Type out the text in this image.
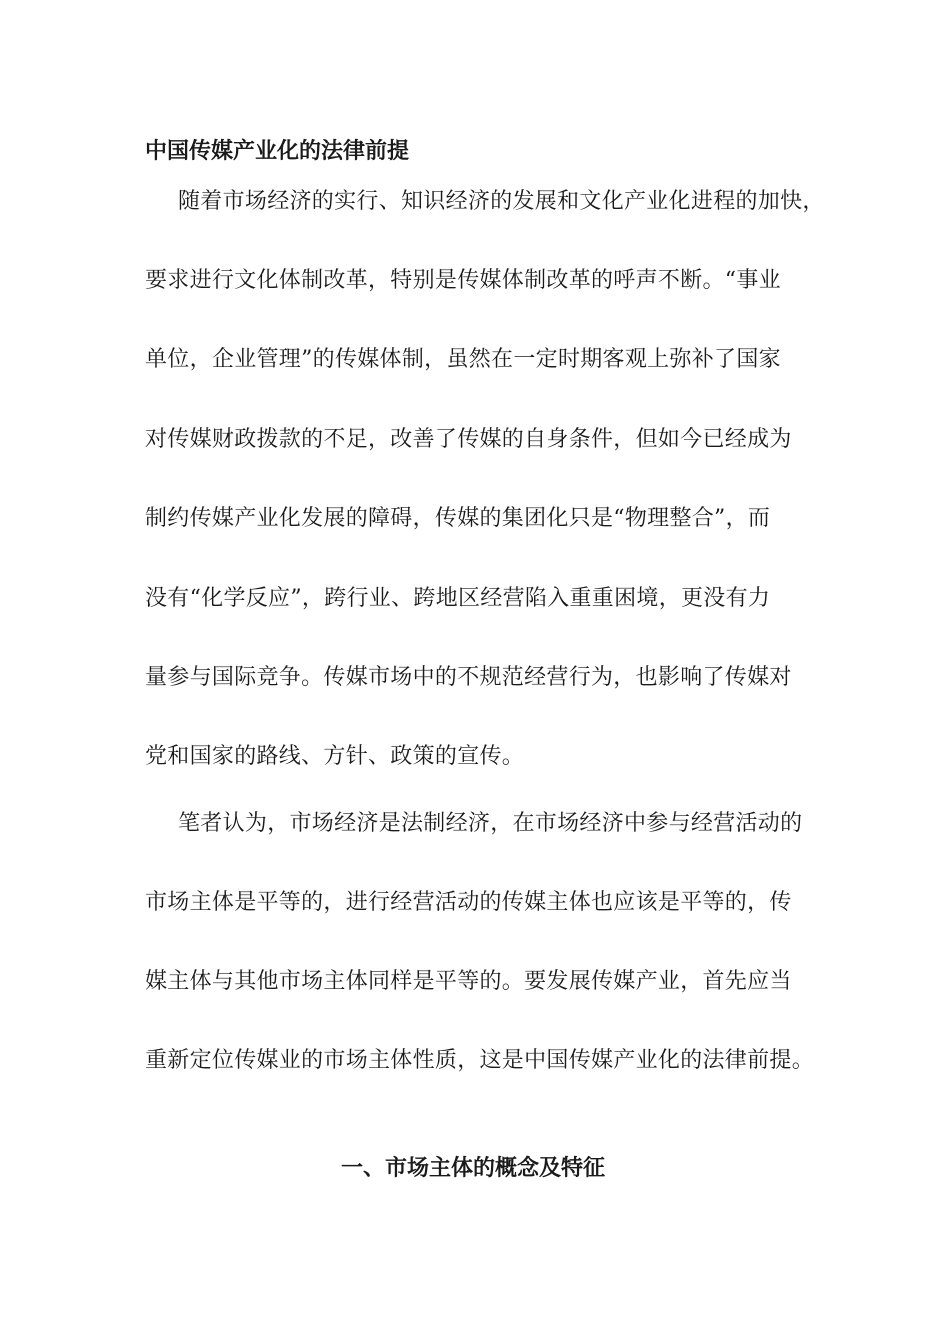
中国传媒产业化的法律前提
随着市场经济的实行、知识经济的发展和文化产业化进程的加快，
要求进行文化体制改革，特别是传媒体制改革的呼声不断。“事业
单位，企业管理”的传媒体制，虽然在一定时期客观上弥补了国家
对传媒财政拨款的不足，改善了传媒的自身条件，但如今已经成为
制约传媒产业化发展的障碍，传媒的集团化只是“物理整合”，而
没有“化学反应”，跨行业、跨地区经营陷入重重困境，更没有力
量参与国际竞争。传媒市场中的不规范经营行为，也影响了传媒对
党和国家的路线、方针、政策的宣传。
笔者认为，市场经济是法制经济，在市场经济中参与经营活动的
市场主体是平等的，进行经营活动的传媒主体也应该是平等的，传
媒主体与其他市场主体同样是平等的。要发展传媒产业，首先应当
重新定位传媒业的市场主体性质，这是中国传媒产业化的法律前提。
一、市场主体的概念及特征
